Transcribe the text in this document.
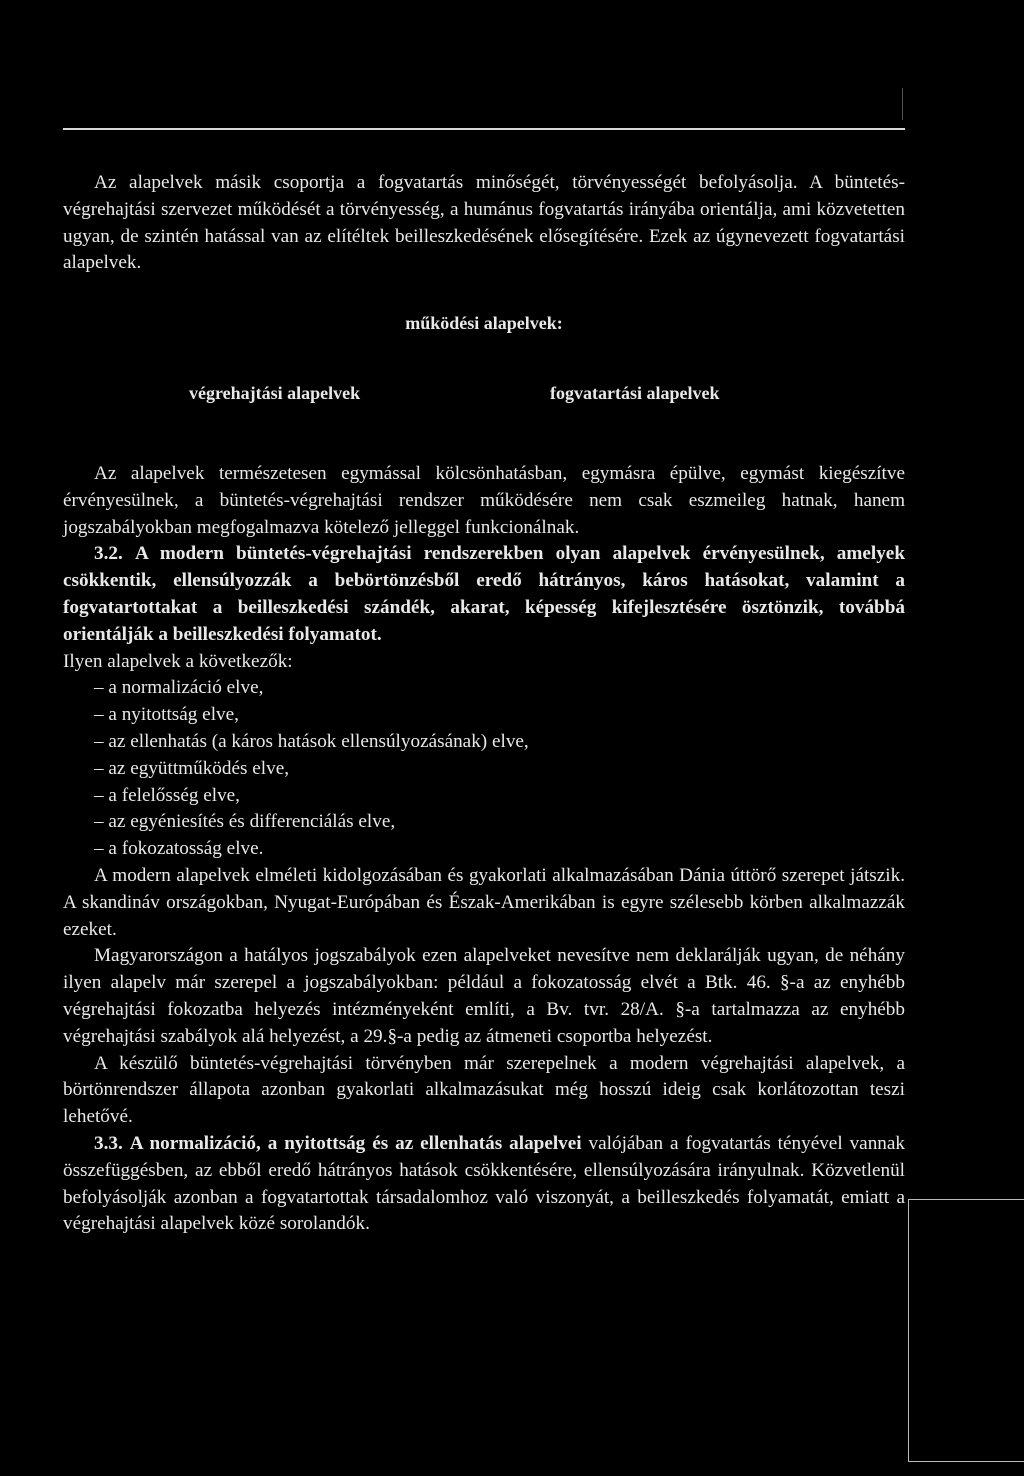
Az alapelvek másik csoportja a fogvatartás minőségét, törvényességét befolyásolja. A büntetés-végrehajtási szervezet működését a törvényesség, a humánus fogvatartás irányába orientálja, ami közvetetten ugyan, de szintén hatással van az elítéltek beilleszkedésének elősegítésére. Ezek az úgynevezett fogvatartási alapelvek.

működési alapelvek:
végrehajtási alapelvek	fogvatartási alapelvek

Az alapelvek természetesen egymással kölcsönhatásban, egymásra épülve, egymást kiegészítve érvényesülnek, a büntetés-végrehajtási rendszer működésére nem csak eszmeileg hatnak, hanem jogszabályokban megfogalmazva kötelező jelleggel funkcionálnak.

3.2. A modern büntetés-végrehajtási rendszerekben olyan alapelvek érvényesülnek, amelyek csökkentik, ellensúlyozzák a bebörtönzésből eredő hátrányos, káros hatásokat, valamint a fogvatartottakat a beilleszkedési szándék, akarat, képesség kifejlesztésére ösztönzik, továbbá orientálják a beilleszkedési folyamatot.

Ilyen alapelvek a következők:

– a normalizáció elve,
– a nyitottság elve,
– az ellenhatás (a káros hatások ellensúlyozásának) elve,
– az együttműködés elve,
– a felelősség elve,
– az egyéniesítés és differenciálás elve,
– a fokozatosság elve.

A modern alapelvek elméleti kidolgozásában és gyakorlati alkalmazásában Dánia úttörő szerepet játszik. A skandináv országokban, Nyugat-Európában és Észak-Amerikában is egyre szélesebb körben alkalmazzák ezeket.

Magyarországon a hatályos jogszabályok ezen alapelveket nevesítve nem deklarálják ugyan, de néhány ilyen alapelv már szerepel a jogszabályokban: például a fokozatosság elvét a Btk. 46. §-a az enyhébb végrehajtási fokozatba helyezés intézményeként említi, a Bv. tvr. 28/A. §-a tartalmazza az enyhébb végrehajtási szabályok alá helyezést, a 29.§-a pedig az átmeneti csoportba helyezést.

A készülő büntetés-végrehajtási törvényben már szerepelnek a modern végrehajtási alapelvek, a börtönrendszer állapota azonban gyakorlati alkalmazásukat még hosszú ideig csak korlátozottan teszi lehetővé.

3.3. A normalizáció, a nyitottság és az ellenhatás alapelvei valójában a fogvatartás tényével vannak összefüggésben, az ebből eredő hátrányos hatások csökkentésére, ellensúlyozására irányulnak. Közvetlenül befolyásolják azonban a fogvatartottak társadalomhoz való viszonyát, a beilleszkedés folyamatát, emiatt a végrehajtási alapelvek közé sorolandók.
